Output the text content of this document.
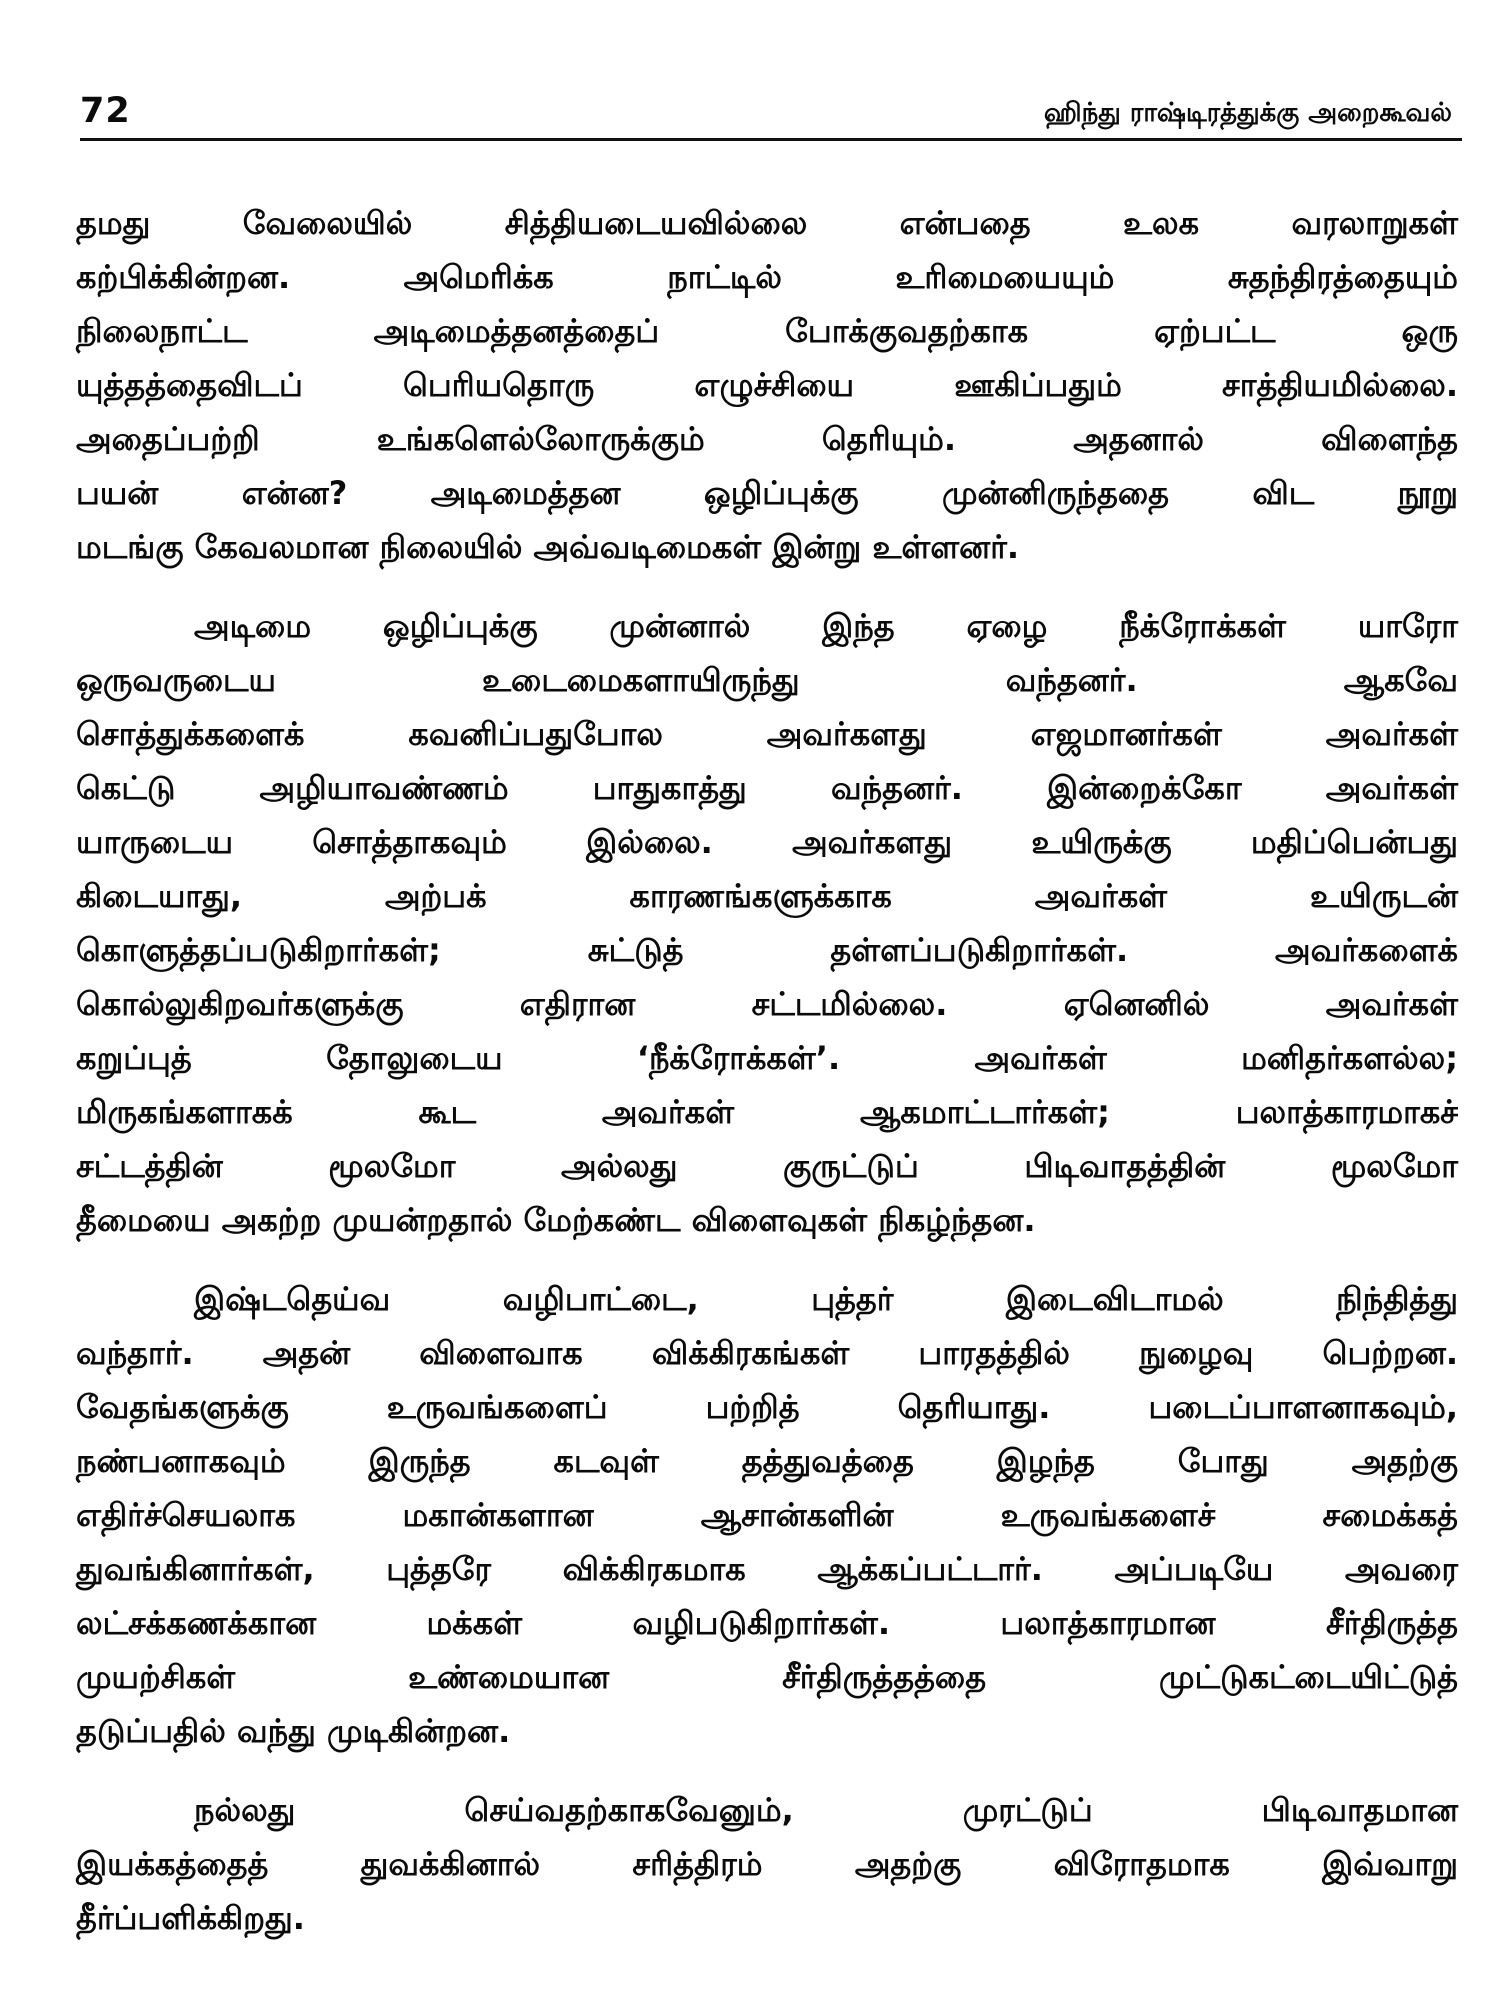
72	ஹிந்து ராஷ்டிரத்துக்கு அறைகூவல்
தமது வேலையில் சித்தியடையவில்லை என்பதை உலக வரலாறுகள்
கற்பிக்கின்றன. அமெரிக்க நாட்டில் உரிமையையும் சுதந்திரத்தையும்
நிலைநாட்ட அடிமைத்தனத்தைப் போக்குவதற்காக ஏற்பட்ட ஒரு
யுத்தத்தைவிடப் பெரியதொரு எழுச்சியை ஊகிப்பதும் சாத்தியமில்லை.
அதைப்பற்றி உங்களெல்லோருக்கும் தெரியும். அதனால் விளைந்த
பயன் என்ன? அடிமைத்தன ஒழிப்புக்கு முன்னிருந்ததை விட நூறு
மடங்கு கேவலமான நிலையில் அவ்வடிமைகள் இன்று உள்ளனர்.
அடிமை ஒழிப்புக்கு முன்னால் இந்த ஏழை நீக்ரோக்கள் யாரோ
ஒருவருடைய உடைமைகளாயிருந்து வந்தனர். ஆகவே
சொத்துக்களைக் கவனிப்பதுபோல அவர்களது எஜமானர்கள் அவர்கள்
கெட்டு அழியாவண்ணம் பாதுகாத்து வந்தனர். இன்றைக்கோ அவர்கள்
யாருடைய சொத்தாகவும் இல்லை. அவர்களது உயிருக்கு மதிப்பென்பது
கிடையாது, அற்பக் காரணங்களுக்காக அவர்கள் உயிருடன்
கொளுத்தப்படுகிறார்கள்; சுட்டுத் தள்ளப்படுகிறார்கள். அவர்களைக்
கொல்லுகிறவர்களுக்கு எதிரான சட்டமில்லை. ஏனெனில் அவர்கள்
கறுப்புத் தோலுடைய ‘நீக்ரோக்கள்’. அவர்கள் மனிதர்களல்ல;
மிருகங்களாகக் கூட அவர்கள் ஆகமாட்டார்கள்; பலாத்காரமாகச்
சட்டத்தின் மூலமோ அல்லது குருட்டுப் பிடிவாதத்தின் மூலமோ
தீமையை அகற்ற முயன்றதால் மேற்கண்ட விளைவுகள் நிகழ்ந்தன.
இஷ்டதெய்வ வழிபாட்டை, புத்தர் இடைவிடாமல் நிந்தித்து
வந்தார். அதன் விளைவாக விக்கிரகங்கள் பாரதத்தில் நுழைவு பெற்றன.
வேதங்களுக்கு உருவங்களைப் பற்றித் தெரியாது. படைப்பாளனாகவும்,
நண்பனாகவும் இருந்த கடவுள் தத்துவத்தை இழந்த போது அதற்கு
எதிர்ச்செயலாக மகான்களான ஆசான்களின் உருவங்களைச் சமைக்கத்
துவங்கினார்கள், புத்தரே விக்கிரகமாக ஆக்கப்பட்டார். அப்படியே அவரை
லட்சக்கணக்கான மக்கள் வழிபடுகிறார்கள். பலாத்காரமான சீர்திருத்த
முயற்சிகள் உண்மையான சீர்திருத்தத்தை முட்டுகட்டையிட்டுத்
தடுப்பதில் வந்து முடிகின்றன.
நல்லது செய்வதற்காகவேனும், முரட்டுப் பிடிவாதமான
இயக்கத்தைத் துவக்கினால் சரித்திரம் அதற்கு விரோதமாக இவ்வாறு
தீர்ப்பளிக்கிறது.
